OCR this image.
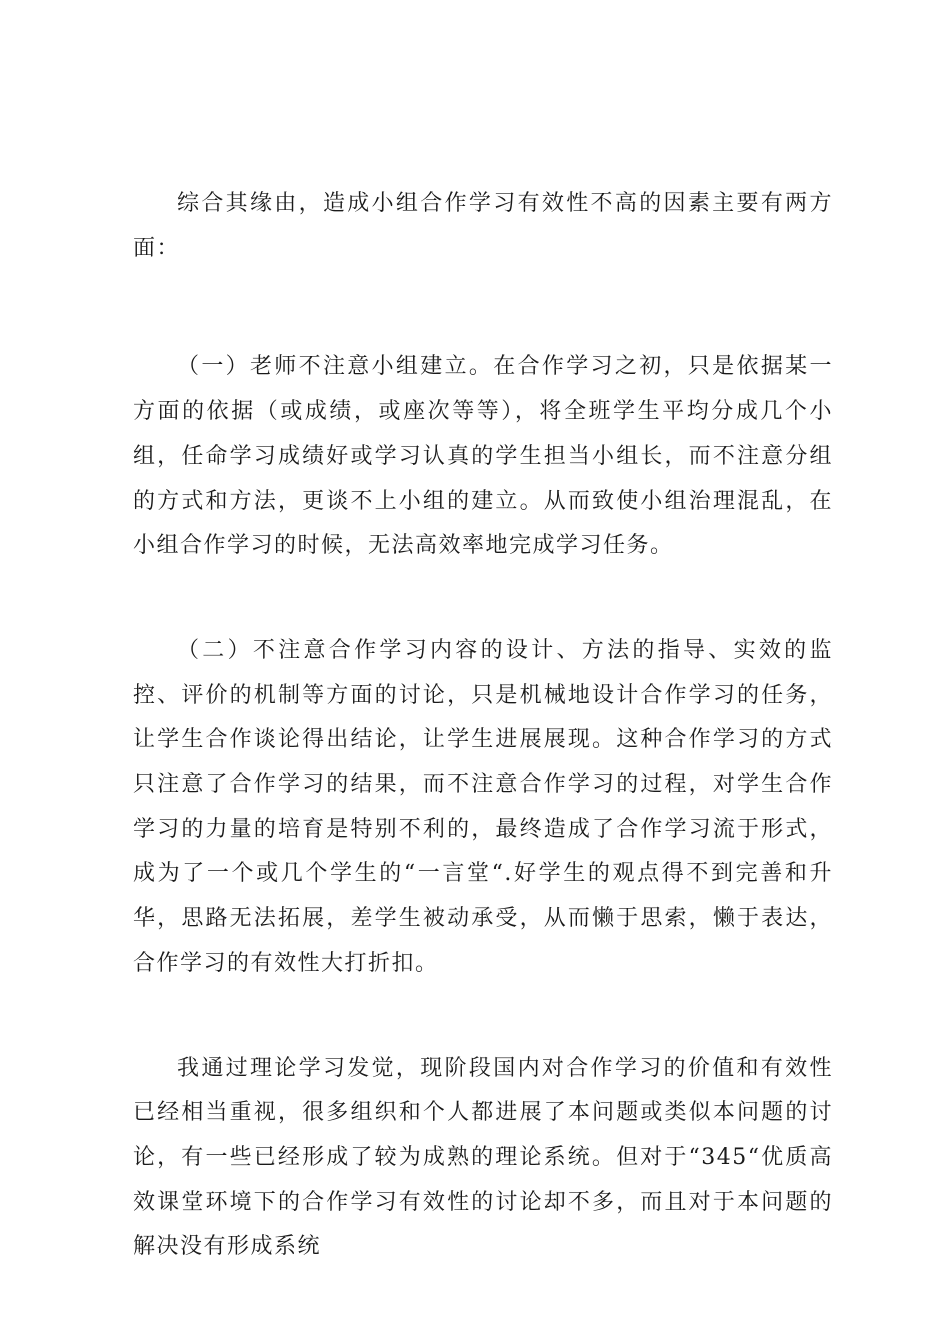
综合其缘由，造成小组合作学习有效性不高的因素主要有两方面：

（一）老师不注意小组建立。在合作学习之初，只是依据某一方面的依据（或成绩，或座次等等），将全班学生平均分成几个小组，任命学习成绩好或学习认真的学生担当小组长，而不注意分组的方式和方法，更谈不上小组的建立。从而致使小组治理混乱，在小组合作学习的时候，无法高效率地完成学习任务。

（二）不注意合作学习内容的设计、方法的指导、实效的监控、评价的机制等方面的讨论，只是机械地设计合作学习的任务，让学生合作谈论得出结论，让学生进展展现。这种合作学习的方式只注意了合作学习的结果，而不注意合作学习的过程，对学生合作学习的力量的培育是特别不利的，最终造成了合作学习流于形式，成为了一个或几个学生的“一言堂“.好学生的观点得不到完善和升华，思路无法拓展，差学生被动承受，从而懒于思索，懒于表达，合作学习的有效性大打折扣。

我通过理论学习发觉，现阶段国内对合作学习的价值和有效性已经相当重视，很多组织和个人都进展了本问题或类似本问题的讨论，有一些已经形成了较为成熟的理论系统。但对于“345“优质高效课堂环境下的合作学习有效性的讨论却不多，而且对于本问题的解决没有形成系统
